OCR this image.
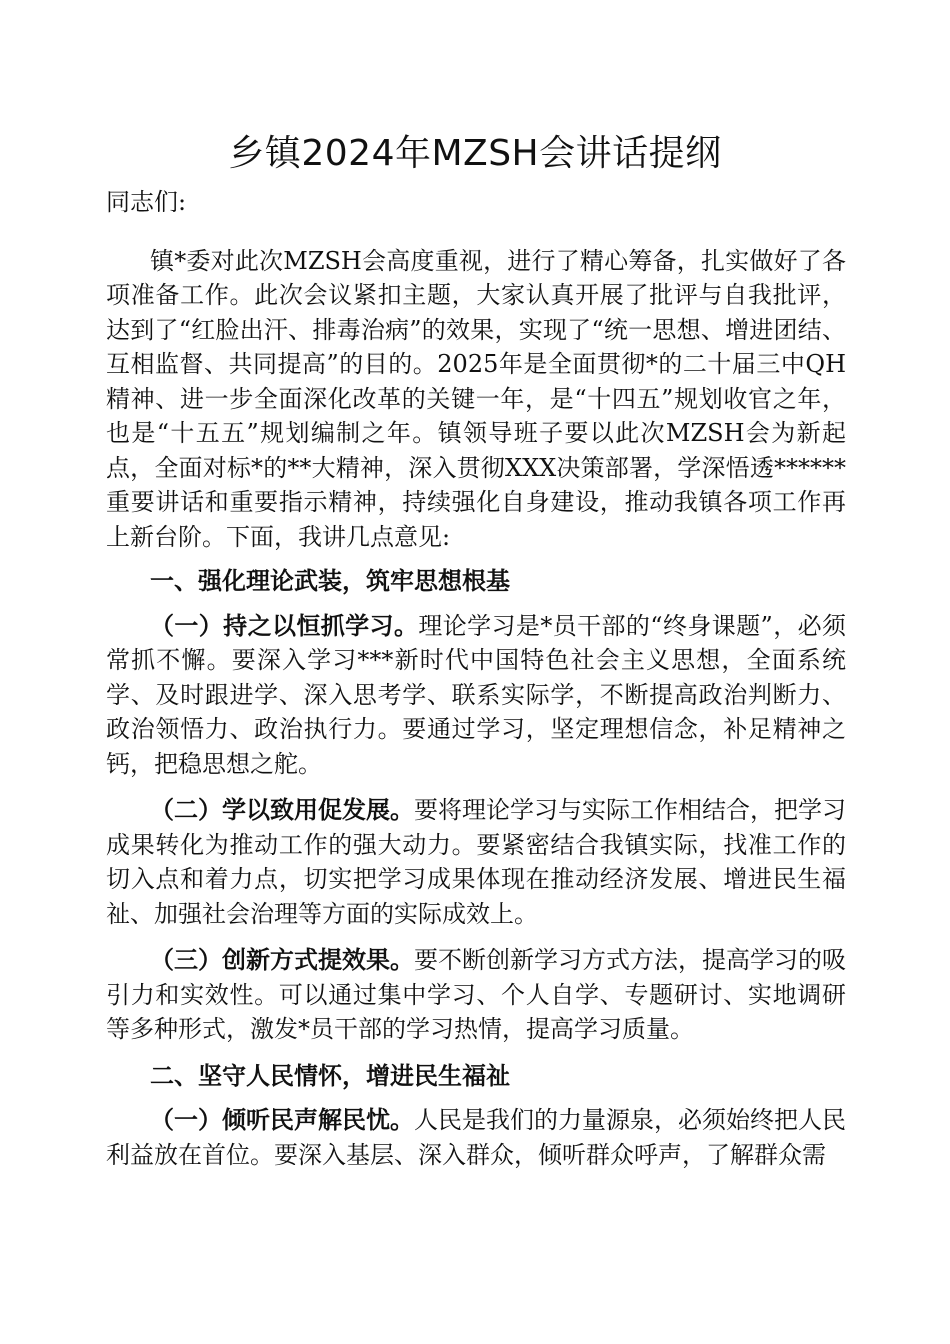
乡镇2024年MZSH会讲话提纲

同志们:

镇*委对此次MZSH会高度重视，进行了精心筹备，扎实做好了各项准备工作。此次会议紧扣主题，大家认真开展了批评与自我批评，达到了“红脸出汗、排毒治病”的效果，实现了“统一思想、增进团结、互相监督、共同提高”的目的。2025年是全面贯彻*的二十届三中QH精神、进一步全面深化改革的关键一年，是“十四五”规划收官之年，也是“十五五”规划编制之年。镇领导班子要以此次MZSH会为新起点，全面对标*的**大精神，深入贯彻XXX决策部署，学深悟透******重要讲话和重要指示精神，持续强化自身建设，推动我镇各项工作再上新台阶。下面，我讲几点意见:

一、强化理论武装，筑牢思想根基

（一）持之以恒抓学习。理论学习是*员干部的“终身课题”，必须常抓不懈。要深入学习***新时代中国特色社会主义思想，全面系统学、及时跟进学、深入思考学、联系实际学，不断提高政治判断力、政治领悟力、政治执行力。要通过学习，坚定理想信念，补足精神之钙，把稳思想之舵。

（二）学以致用促发展。要将理论学习与实际工作相结合，把学习成果转化为推动工作的强大动力。要紧密结合我镇实际，找准工作的切入点和着力点，切实把学习成果体现在推动经济发展、增进民生福祉、加强社会治理等方面的实际成效上。

（三）创新方式提效果。要不断创新学习方式方法，提高学习的吸引力和实效性。可以通过集中学习、个人自学、专题研讨、实地调研等多种形式，激发*员干部的学习热情，提高学习质量。

二、坚守人民情怀，增进民生福祉

（一）倾听民声解民忧。人民是我们的力量源泉，必须始终把人民利益放在首位。要深入基层、深入群众，倾听群众呼声，了解群众需
